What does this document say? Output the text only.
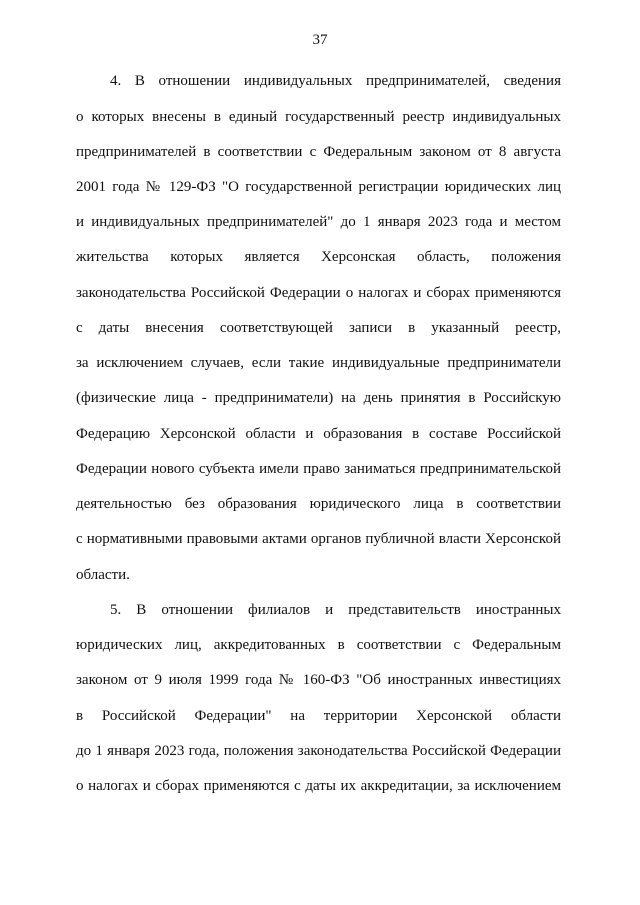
37
4. В отношении индивидуальных предпринимателей, сведения
о которых внесены в единый государственный реестр индивидуальных
предпринимателей в соответствии с Федеральным законом от 8 августа
2001 года № 129-ФЗ "О государственной регистрации юридических лиц
и индивидуальных предпринимателей" до 1 января 2023 года и местом
жительства которых является Херсонская область, положения
законодательства Российской Федерации о налогах и сборах применяются
с даты внесения соответствующей записи в указанный реестр,
за исключением случаев, если такие индивидуальные предприниматели
(физические лица - предприниматели) на день принятия в Российскую
Федерацию Херсонской области и образования в составе Российской
Федерации нового субъекта имели право заниматься предпринимательской
деятельностью без образования юридического лица в соответствии
с нормативными правовыми актами органов публичной власти Херсонской
области.
5. В отношении филиалов и представительств иностранных
юридических лиц, аккредитованных в соответствии с Федеральным
законом от 9 июля 1999 года № 160-ФЗ "Об иностранных инвестициях
в Российской Федерации" на территории Херсонской области
до 1 января 2023 года, положения законодательства Российской Федерации
о налогах и сборах применяются с даты их аккредитации, за исключением
